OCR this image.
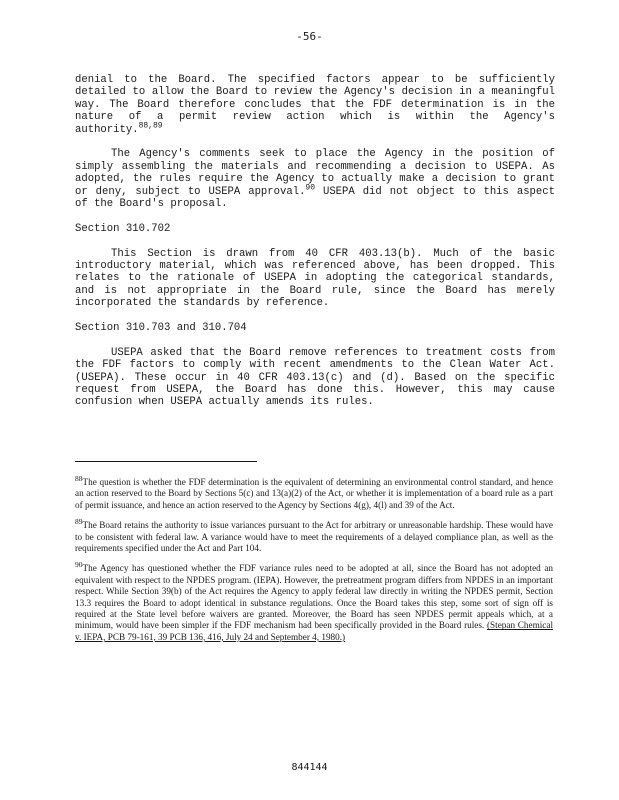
-56-

denial to the Board. The specified factors appear to be sufficiently detailed to allow the Board to review the Agency's decision in a meaningful way. The Board therefore concludes that the FDF determination is in the nature of a permit review action which is within the Agency's authority.$^{88,89}$

The Agency's comments seek to place the Agency in the position of simply assembling the materials and recommending a decision to USEPA. As adopted, the rules require the Agency to actually make a decision to grant or deny, subject to USEPA approval.$^{90}$ USEPA did not object to this aspect of the Board's proposal.

Section 310.702

This Section is drawn from 40 CFR 403.13(b). Much of the basic introductory material, which was referenced above, has been dropped. This relates to the rationale of USEPA in adopting the categorical standards, and is not appropriate in the Board rule, since the Board has merely incorporated the standards by reference.

Section 310.703 and 310.704

USEPA asked that the Board remove references to treatment costs from the FDF factors to comply with recent amendments to the Clean Water Act. (USEPA). These occur in 40 CFR 403.13(c) and (d). Based on the specific request from USEPA, the Board has done this. However, this may cause confusion when USEPA actually amends its rules.

$^{88}$The question is whether the FDF determination is the equivalent of determining an environmental control standard, and hence an action reserved to the Board by Sections 5(c) and 13(a)(2) of the Act, or whether it is implementation of a board rule as a part of permit issuance, and hence an action reserved to the Agency by Sections 4(g), 4(l) and 39 of the Act.

$^{89}$The Board retains the authority to issue variances pursuant to the Act for arbitrary or unreasonable hardship. These would have to be consistent with federal law. A variance would have to meet the requirements of a delayed compliance plan, as well as the requirements specified under the Act and Part 104.

$^{90}$The Agency has questioned whether the FDF variance rules need to be adopted at all, since the Board has not adopted an equivalent with respect to the NPDES program. (IEPA). However, the pretreatment program differs from NPDES in an important respect. While Section 39(b) of the Act requires the Agency to apply federal law directly in writing the NPDES permit, Section 13.3 requires the Board to adopt identical in substance regulations. Once the Board takes this step, some sort of sign off is required at the State level before waivers are granted. Moreover, the Board has seen NPDES permit appeals which, at a minimum, would have been simpler if the FDF mechanism had been specifically provided in the Board rules. (Stepan Chemical v. IEPA, PCB 79-161, 39 PCB 136, 416, July 24 and September 4, 1980.)

844144
